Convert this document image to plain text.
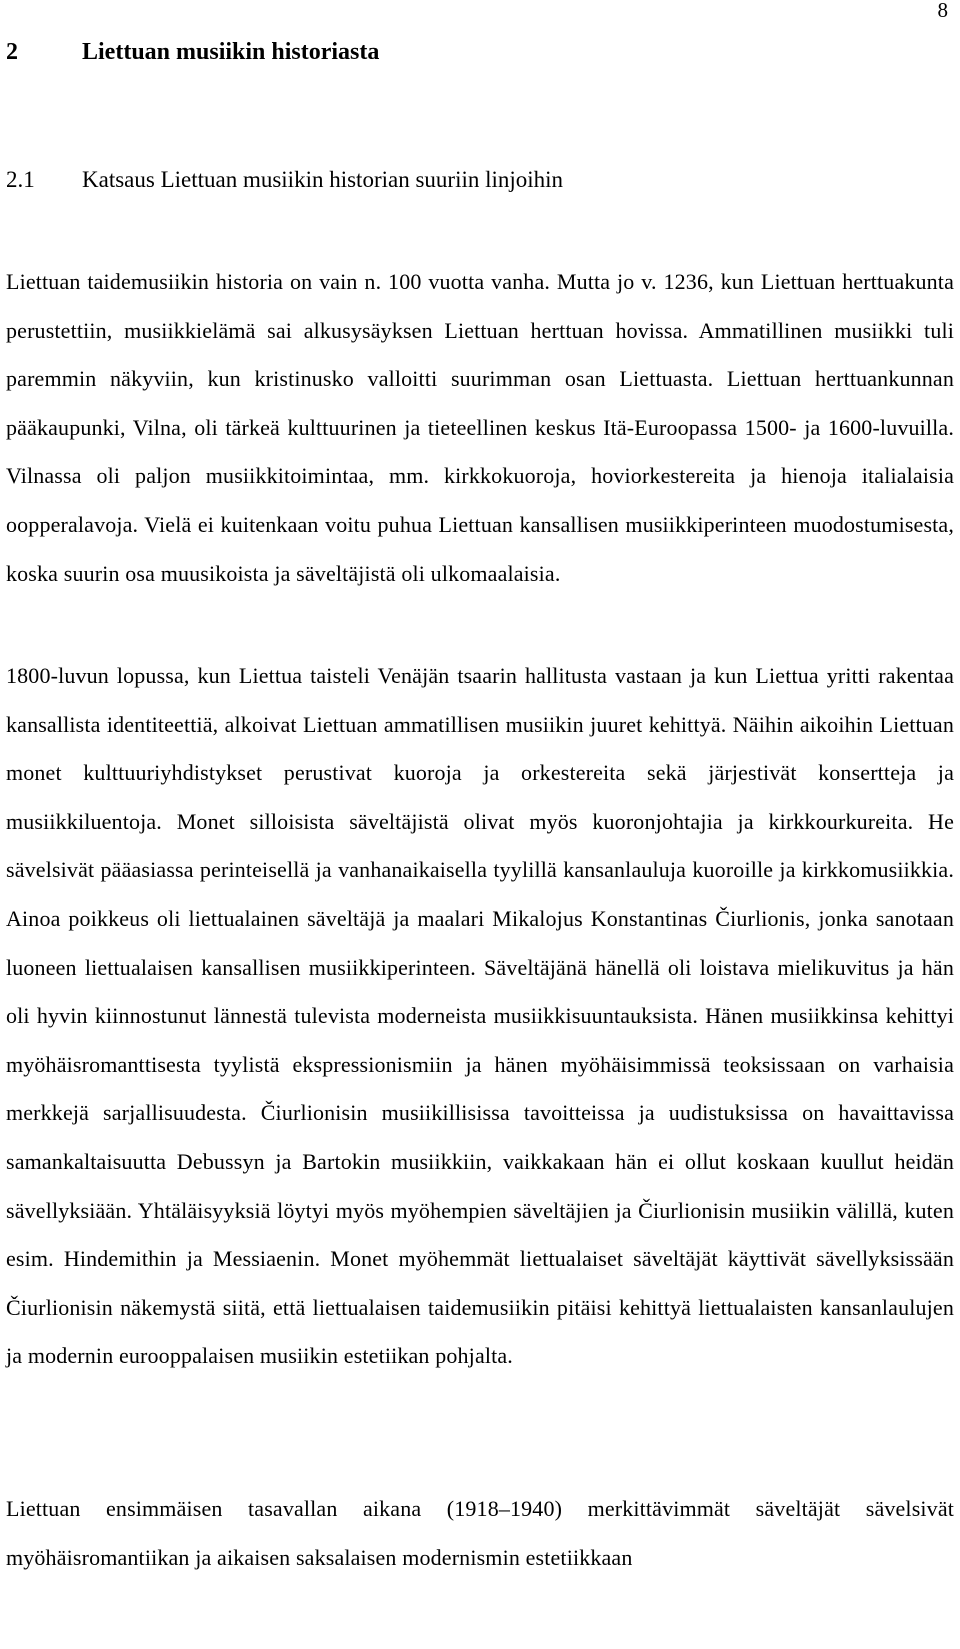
8

2	Liettuan musiikin historiasta
2.1 Katsaus Liettuan musiikin historian suuriin linjoihin

Liettuan taidemusiikin historia on vain n. 100 vuotta vanha. Mutta jo v. 1236, kun Liettuan herttuakunta perustettiin, musiikkielämä sai alkusysäyksen Liettuan herttuan hovissa. Ammatillinen musiikki tuli paremmin näkyviin, kun kristinusko valloitti suurimman osan Liettuasta. Liettuan herttuankunnan pääkaupunki, Vilna, oli tärkeä kulttuurinen ja tieteellinen keskus Itä-Euroopassa 1500- ja 1600-luvuilla. Vilnassa oli paljon musiikkitoimintaa, mm. kirkkokuoroja, hoviorkestereita ja hienoja italialaisia oopperalavoja. Vielä ei kuitenkaan voitu puhua Liettuan kansallisen musiikkiperinteen muodostumisesta, koska suurin osa muusikoista ja säveltäjistä oli ulkomaalaisia.

1800-luvun lopussa, kun Liettua taisteli Venäjän tsaarin hallitusta vastaan ja kun Liettua yritti rakentaa kansallista identiteettiä, alkoivat Liettuan ammatillisen musiikin juuret kehittyä. Näihin aikoihin Liettuan monet kulttuuriyhdistykset perustivat kuoroja ja orkestereita sekä järjestivät konsertteja ja musiikkiluentoja. Monet silloisista säveltäjistä olivat myös kuoronjohtajia ja kirkkourkureita. He sävelsivät pääasiassa perinteisellä ja vanhanaikaisella tyylillä kansanlauluja kuoroille ja kirkkomusiikkia. Ainoa poikkeus oli liettualainen säveltäjä ja maalari Mikalojus Konstantinas Čiurlionis, jonka sanotaan luoneen liettualaisen kansallisen musiikkiperinteen. Säveltäjänä hänellä oli loistava mielikuvitus ja hän oli hyvin kiinnostunut lännestä tulevista moderneista musiikkisuuntauksista. Hänen musiikkinsa kehittyi myöhäisromanttisesta tyylistä ekspressionismiin ja hänen myöhäisimmissä teoksissaan on varhaisia merkkejä sarjallisuudesta. Čiurlionisin musiikillisissa tavoitteissa ja uudistuksissa on havaittavissa samankaltaisuutta Debussyn ja Bartokin musiikkiin, vaikkakaan hän ei ollut koskaan kuullut heidän sävellyksiään. Yhtäläisyyksiä löytyi myös myöhempien säveltäjien ja Čiurlionisin musiikin välillä, kuten esim. Hindemithin ja Messiaenin. Monet myöhemmät liettualaiset säveltäjät käyttivät sävellyksissään Čiurlionisin näkemystä siitä, että liettualaisen taidemusiikin pitäisi kehittyä liettualaisten kansanlaulujen ja modernin eurooppalaisen musiikin estetiikan pohjalta.

Liettuan ensimmäisen tasavallan aikana (1918–1940) merkittävimmät säveltäjät sävelsivät myöhäisromantiikan ja aikaisen saksalaisen modernismin estetiikkaan
